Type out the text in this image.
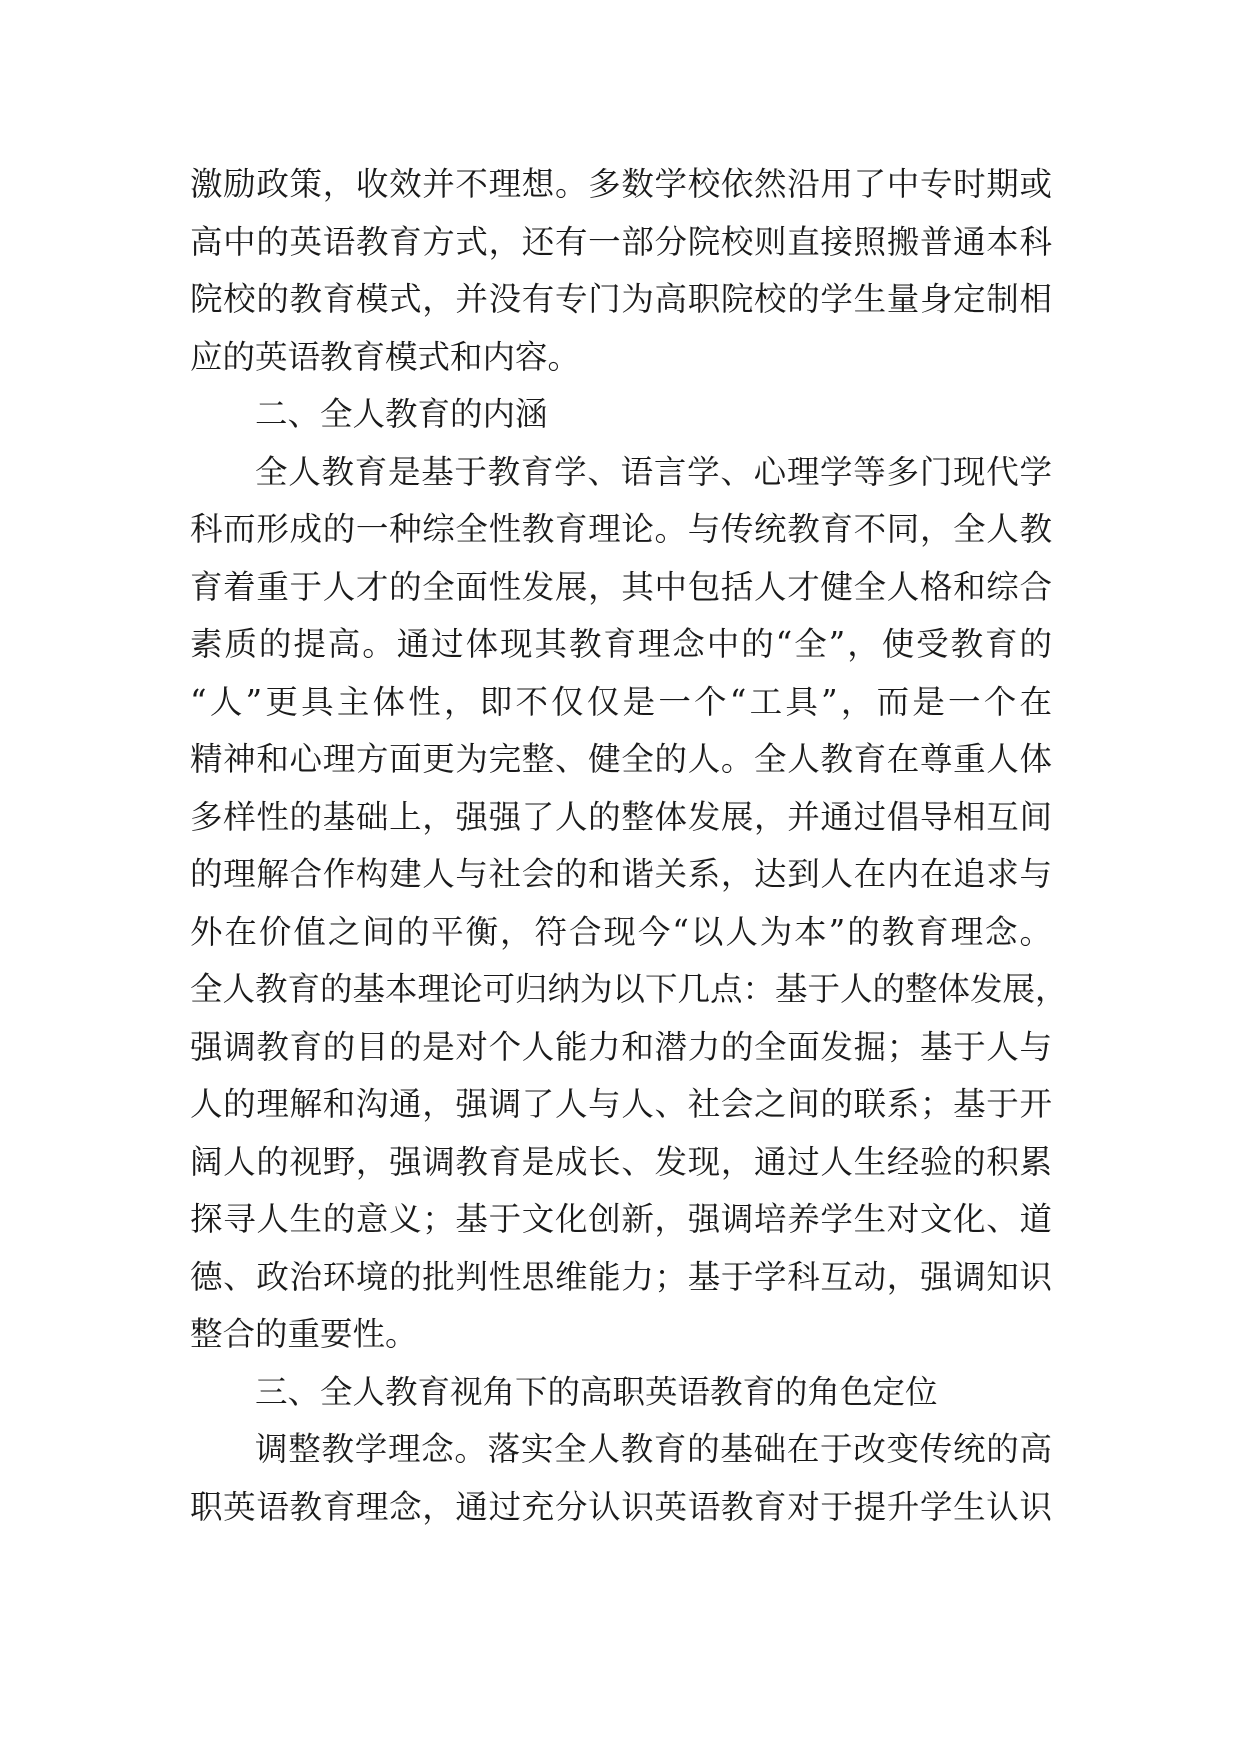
激励政策，收效并不理想。多数学校依然沿用了中专时期或
高中的英语教育方式，还有一部分院校则直接照搬普通本科
院校的教育模式，并没有专门为高职院校的学生量身定制相
应的英语教育模式和内容。
二、全人教育的内涵
全人教育是基于教育学、语言学、心理学等多门现代学
科而形成的一种综全性教育理论。与传统教育不同，全人教
育着重于人才的全面性发展，其中包括人才健全人格和综合
素质的提高。通过体现其教育理念中的“全”，使受教育的
“人”更具主体性，即不仅仅是一个“工具”，而是一个在
精神和心理方面更为完整、健全的人。全人教育在尊重人体
多样性的基础上，强强了人的整体发展，并通过倡导相互间
的理解合作构建人与社会的和谐关系，达到人在内在追求与
外在价值之间的平衡，符合现今“以人为本”的教育理念。
全人教育的基本理论可归纳为以下几点：基于人的整体发展，
强调教育的目的是对个人能力和潜力的全面发掘；基于人与
人的理解和沟通，强调了人与人、社会之间的联系；基于开
阔人的视野，强调教育是成长、发现，通过人生经验的积累
探寻人生的意义；基于文化创新，强调培养学生对文化、道
德、政治环境的批判性思维能力；基于学科互动，强调知识
整合的重要性。
三、全人教育视角下的高职英语教育的角色定位
调整教学理念。落实全人教育的基础在于改变传统的高
职英语教育理念，通过充分认识英语教育对于提升学生认识
